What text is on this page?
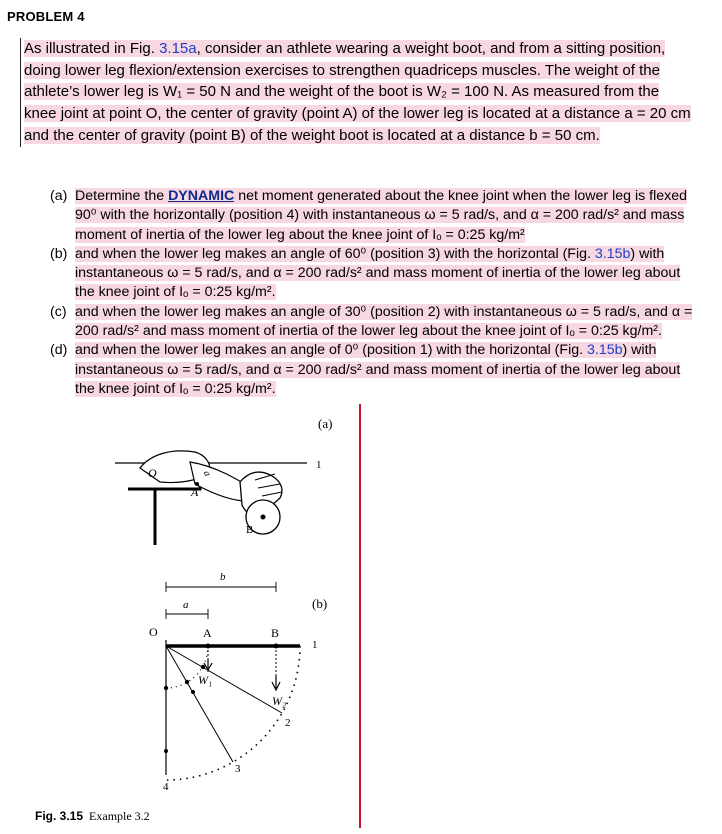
PROBLEM 4
As illustrated in Fig. 3.15a, consider an athlete wearing a weight boot, and from a sitting position, doing lower leg flexion/extension exercises to strengthen quadriceps muscles. The weight of the athlete’s lower leg is W₁ = 50 N and the weight of the boot is W₂ = 100 N. As measured from the knee joint at point O, the center of gravity (point A) of the lower leg is located at a distance a = 20 cm and the center of gravity (point B) of the weight boot is located at a distance b = 50 cm.
(a) Determine the DYNAMIC net moment generated about the knee joint when the lower leg is flexed 90⁰ with the horizontally (position 4) with instantaneous ω = 5 rad/s, and α = 200 rad/s² and mass moment of inertia of the lower leg about the knee joint of Iₒ = 0:25 kg/m²
(b) and when the lower leg makes an angle of 60⁰ (position 3) with the horizontal (Fig. 3.15b) with instantaneous ω = 5 rad/s, and α = 200 rad/s² and mass moment of inertia of the lower leg about the knee joint of Iₒ = 0:25 kg/m².
(c) and when the lower leg makes an angle of 30⁰ (position 2) with instantaneous ω = 5 rad/s, and α = 200 rad/s² and mass moment of inertia of the lower leg about the knee joint of Iₒ = 0:25 kg/m².
(d) and when the lower leg makes an angle of 0⁰ (position 1) with the horizontal (Fig. 3.15b) with instantaneous ω = 5 rad/s, and α = 200 rad/s² and mass moment of inertia of the lower leg about the knee joint of Iₒ = 0:25 kg/m².
(a)
1
O
A
B
a
(b)
b
a
O	A	B
1
4
2
3
W₁
W₂
Fig. 3.15 Example 3.2
